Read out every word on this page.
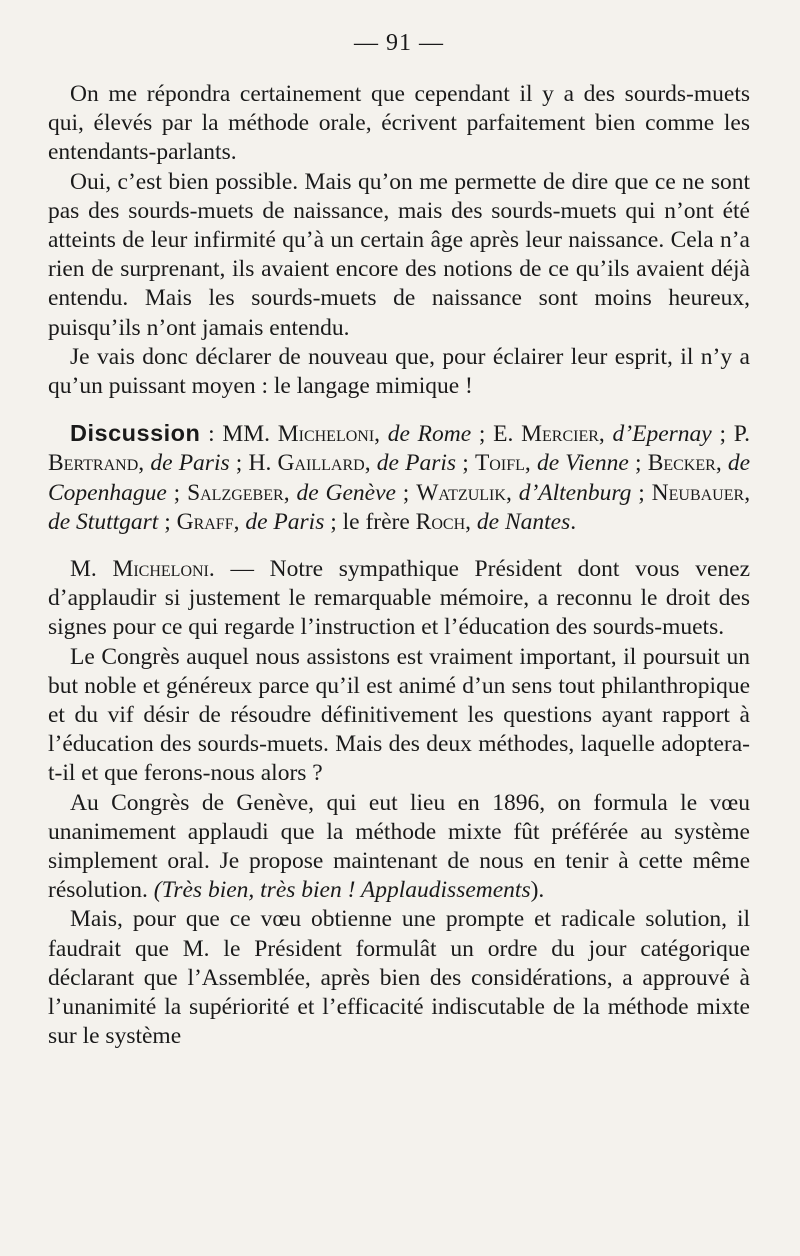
— 91 —

On me répondra certainement que cependant il y a des sourds-muets qui, élevés par la méthode orale, écrivent parfaitement bien comme les entendants-parlants.

Oui, c’est bien possible. Mais qu’on me permette de dire que ce ne sont pas des sourds-muets de naissance, mais des sourds-muets qui n’ont été atteints de leur infirmité qu’à un certain âge après leur naissance. Cela n’a rien de surprenant, ils avaient encore des notions de ce qu’ils avaient déjà entendu. Mais les sourds-muets de naissance sont moins heureux, puisqu’ils n’ont jamais entendu.

Je vais donc déclarer de nouveau que, pour éclairer leur esprit, il n’y a qu’un puissant moyen : le langage mimique !

Discussion : MM. Micheloni, de Rome ; E. Mercier, d’Epernay ; P. Bertrand, de Paris ; H. Gaillard, de Paris ; Toifl, de Vienne ; Becker, de Copenhague ; Salzgeber, de Genève ; Watzulik, d’Altenburg ; Neubauer, de Stuttgart ; Graff, de Paris ; le frère Roch, de Nantes.

M. Micheloni. — Notre sympathique Président dont vous venez d’applaudir si justement le remarquable mémoire, a reconnu le droit des signes pour ce qui regarde l’instruction et l’éducation des sourds-muets.

Le Congrès auquel nous assistons est vraiment important, il poursuit un but noble et généreux parce qu’il est animé d’un sens tout philanthropique et du vif désir de résoudre définitivement les questions ayant rapport à l’éducation des sourds-muets. Mais des deux méthodes, laquelle adoptera-t-il et que ferons-nous alors ?

Au Congrès de Genève, qui eut lieu en 1896, on formula le vœu unanimement applaudi que la méthode mixte fût préférée au système simplement oral. Je propose maintenant de nous en tenir à cette même résolution. (Très bien, très bien ! Applaudissements).

Mais, pour que ce vœu obtienne une prompte et radicale solution, il faudrait que M. le Président formulât un ordre du jour catégorique déclarant que l’Assemblée, après bien des considérations, a approuvé à l’unanimité la supériorité et l’efficacité indiscutable de la méthode mixte sur le système
